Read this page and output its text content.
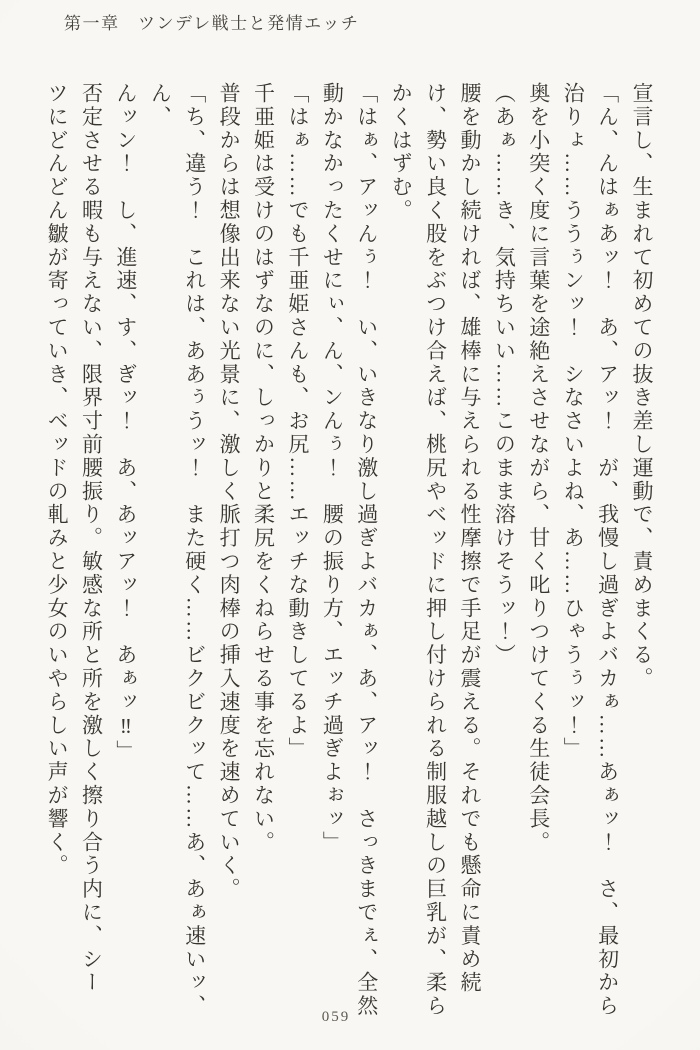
第一章　ツンデレ戦士と発情エッチ

宣言し、生まれて初めての抜き差し運動で、責めまくる。

「ん、んはぁあッ！　あ、アッ！　が、我慢し過ぎよバカぁ……あぁッ！　さ、最初から

治りょ……ううぅンッ！　シなさいよね、あ……ひゃうぅッ！」

奥を小突く度に言葉を途絶えさせながら、甘く叱りつけてくる生徒会長。

（あぁ……き、気持ちいい……このまま溶けそうッ！）

腰を動かし続ければ、雄棒に与えられる性摩擦で手足が震える。それでも懸命に責め続

け、勢い良く股をぶつけ合えば、桃尻やベッドに押し付けられる制服越しの巨乳が、柔ら

かくはずむ。

「はぁ、アッんぅ！　い、いきなり激し過ぎよバカぁ、あ、アッ！　さっきまでぇ、全然

動かなかったくせにぃ、ん、ンんぅ！　腰の振り方、エッチ過ぎよぉッ」

「はぁ……でも千亜姫さんも、お尻……エッチな動きしてるよ」

千亜姫は受けのはずなのに、しっかりと柔尻をくねらせる事を忘れない。

普段からは想像出来ない光景に、激しく脈打つ肉棒の挿入速度を速めていく。

「ち、違う！　これは、ああぅうッ！　また硬く……ビクビクッて……あ、あぁ速いッ、ん、

んッン！　し、進速、す、ぎッ！　あ、あッアッ！　あぁッ‼」

否定させる暇も与えない、限界寸前腰振り。敏感な所と所を激しく擦り合う内に、シー

ツにどんどん皺が寄っていき、ベッドの軋みと少女のいやらしい声が響く。

059
